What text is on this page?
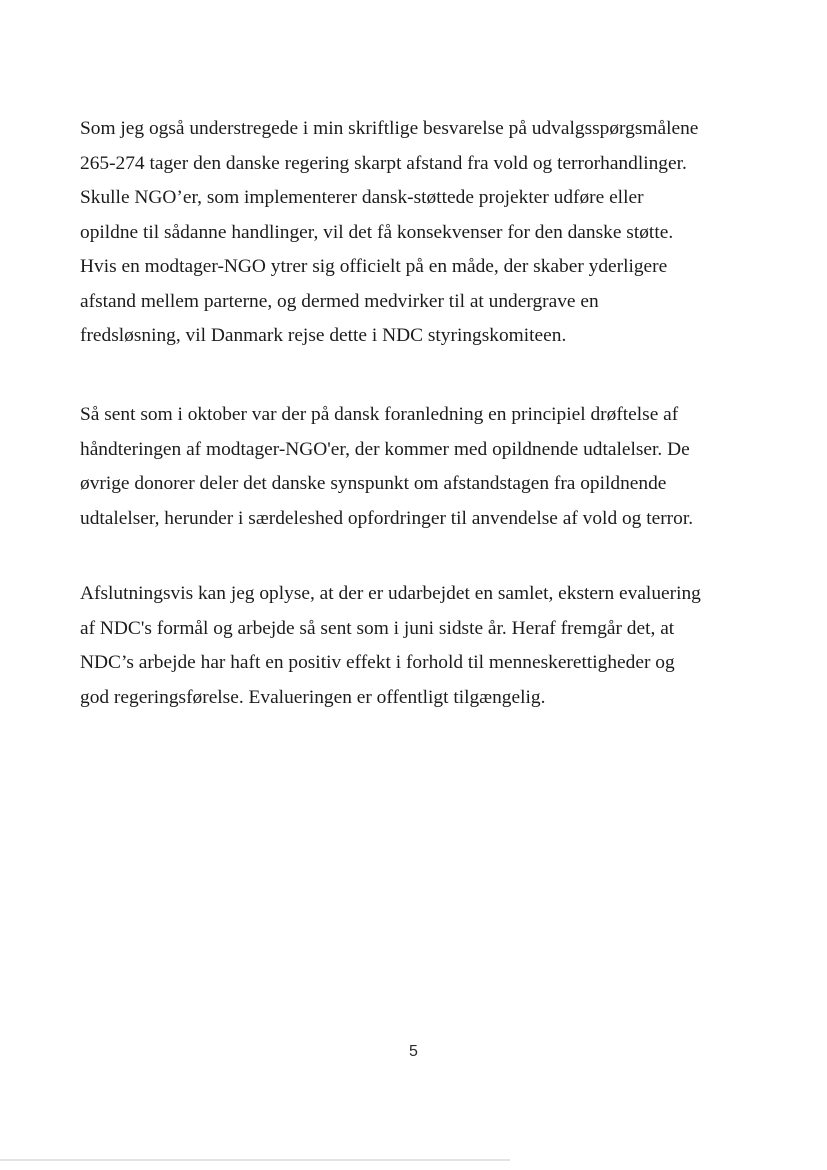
Som jeg også understregede i min skriftlige besvarelse på udvalgsspørgsmålene
265-274 tager den danske regering skarpt afstand fra vold og terrorhandlinger.
Skulle NGO’er, som implementerer dansk-støttede projekter udføre eller
opildne til sådanne handlinger, vil det få konsekvenser for den danske støtte.
Hvis en modtager-NGO ytrer sig officielt på en måde, der skaber yderligere
afstand mellem parterne, og dermed medvirker til at undergrave en
fredsløsning, vil Danmark rejse dette i NDC styringskomiteen.

Så sent som i oktober var der på dansk foranledning en principiel drøftelse af
håndteringen af modtager-NGO'er, der kommer med opildnende udtalelser. De
øvrige donorer deler det danske synspunkt om afstandstagen fra opildnende
udtalelser, herunder i særdeleshed opfordringer til anvendelse af vold og terror.

Afslutningsvis kan jeg oplyse, at der er udarbejdet en samlet, ekstern evaluering
af NDC's formål og arbejde så sent som i juni sidste år. Heraf fremgår det, at
NDC’s arbejde har haft en positiv effekt i forhold til menneskerettigheder og
god regeringsførelse. Evalueringen er offentligt tilgængelig.

5
